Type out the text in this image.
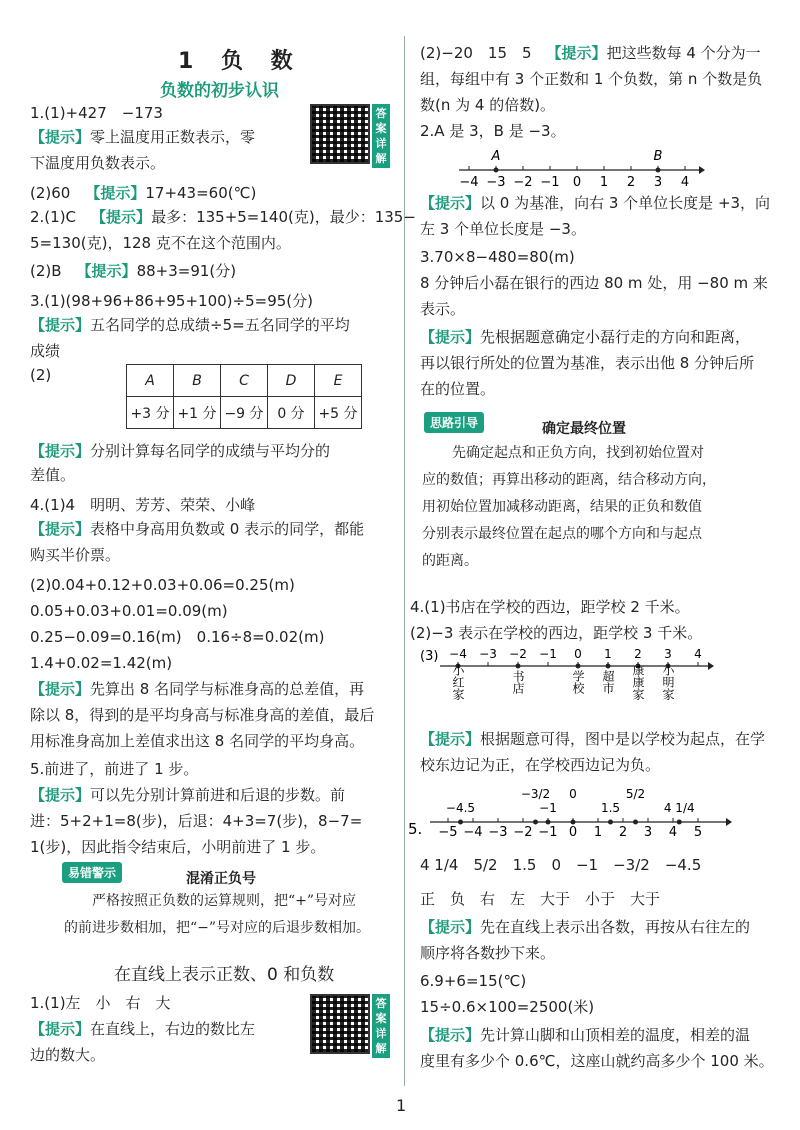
1 负 数
负数的初步认识
答案详解
答案详解
1.(1)+427　−173
【提示】零上温度用正数表示，零
下温度用负数表示。
(2)60　【提示】17+43=60(℃)
2.(1)C　【提示】最多：135+5=140(克)，最少：135−
5=130(克)，128 克不在这个范围内。
(2)B　【提示】88+3=91(分)
3.(1)(98+96+86+95+100)÷5=95(分)
【提示】五名同学的总成绩÷5=五名同学的平均
成绩
(2)
【提示】分别计算每名同学的成绩与平均分的
差值。
4.(1)4　明明、芳芳、荣荣、小峰
【提示】表格中身高用负数或 0 表示的同学，都能
购买半价票。
(2)0.04+0.12+0.03+0.06=0.25(m)
0.05+0.03+0.01=0.09(m)
0.25−0.09=0.16(m)　0.16÷8=0.02(m)
1.4+0.02=1.42(m)
【提示】先算出 8 名同学与标准身高的总差值，再
除以 8，得到的是平均身高与标准身高的差值，最后
用标准身高加上差值求出这 8 名同学的平均身高。
5.前进了，前进了 1 步。
【提示】可以先分别计算前进和后退的步数。前
进：5+2+1=8(步)，后退：4+3=7(步)，8−7=
1(步)，因此指令结束后，小明前进了 1 步。
1.(1)左　小　右　大
【提示】在直线上，右边的数比左
边的数大。
A	B	C	D	E
+3 分	+1 分	−9 分	0 分	+5 分
易错警示	混淆正负号
严格按照正负数的运算规则，把“+”号对应
的前进步数相加，把“−”号对应的后退步数相加。
在直线上表示正数、0 和负数
(2)−20　15　5　【提示】把这些数每 4 个分为一
组，每组中有 3 个正数和 1 个负数，第 n 个数是负
数(n 为 4 的倍数)。
2.A 是 3，B 是 −3。
【提示】以 0 为基准，向右 3 个单位长度是 +3，向
左 3 个单位长度是 −3。
3.70×8−480=80(m)
8 分钟后小磊在银行的西边 80 m 处，用 −80 m 来
表示。
【提示】先根据题意确定小磊行走的方向和距离，
再以银行所处的位置为基准，表示出他 8 分钟后所
在的位置。
4.(1)书店在学校的西边，距学校 2 千米。
(2)−3 表示在学校的西边，距学校 3 千米。
【提示】根据题意可得，图中是以学校为起点，在学
校东边记为正，在学校西边记为负。
4 1/4　5/2　1.5　0　−1　−3/2　−4.5
正　负　右　左　大于　小于　大于
【提示】先在直线上表示出各数，再按从右往左的
顺序将各数抄下来。
6.9+6=15(℃)
15÷0.6×100=2500(米)
【提示】先计算山脚和山顶相差的温度，相差的温
度里有多少个 0.6℃，这座山就约高多少个 100 米。
−4 −3 −2 −1 0 1 2 3 4
A	B
思路引导	确定最终位置
先确定起点和正负方向，找到初始位置对
应的数值；再算出移动的距离，结合移动方向，
用初始位置加减移动距离，结果的正负和数值
分别表示最终位置在起点的哪个方向和与起点
的距离。
(3) −4 −3 −2 −1 0 1 2 3 4
小红家	书店	学校 超市 康康家 小明家
5. −5 −4 −3 −2 −1 0 1 2 3 4 5
−4.5
−3/2
−1
0
1.5
5/2
4 1/4
1
